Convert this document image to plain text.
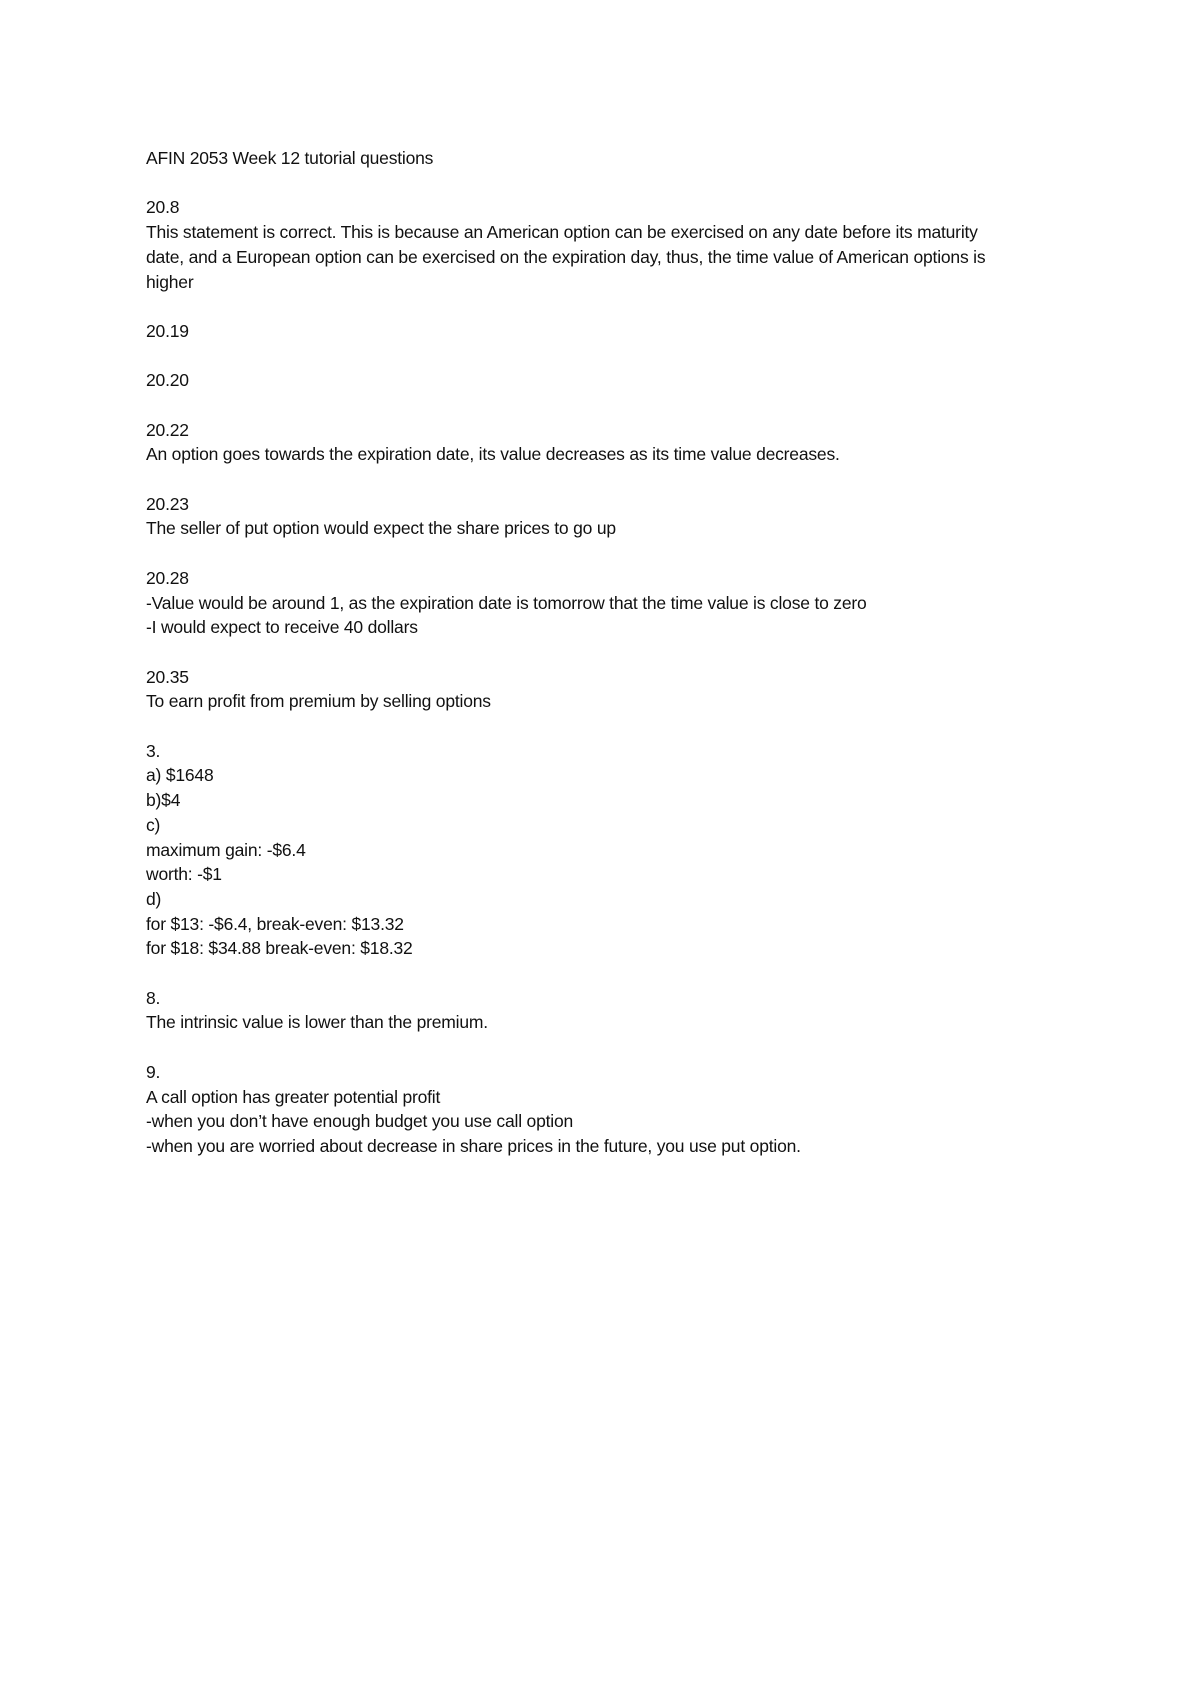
AFIN 2053 Week 12 tutorial questions
20.8
This statement is correct. This is because an American option can be exercised on any date before its maturity
date, and a European option can be exercised on the expiration day, thus, the time value of American options is
higher
20.19
20.20
20.22
An option goes towards the expiration date, its value decreases as its time value decreases.
20.23
The seller of put option would expect the share prices to go up
20.28
-Value would be around 1, as the expiration date is tomorrow that the time value is close to zero
-I would expect to receive 40 dollars
20.35
To earn profit from premium by selling options
3.
a) $1648
b)$4
c)
maximum gain: -$6.4
worth: -$1
d)
for $13: -$6.4, break-even: $13.32
for $18: $34.88 break-even: $18.32
8.
The intrinsic value is lower than the premium.
9.
A call option has greater potential profit
-when you don’t have enough budget you use call option
-when you are worried about decrease in share prices in the future, you use put option.
